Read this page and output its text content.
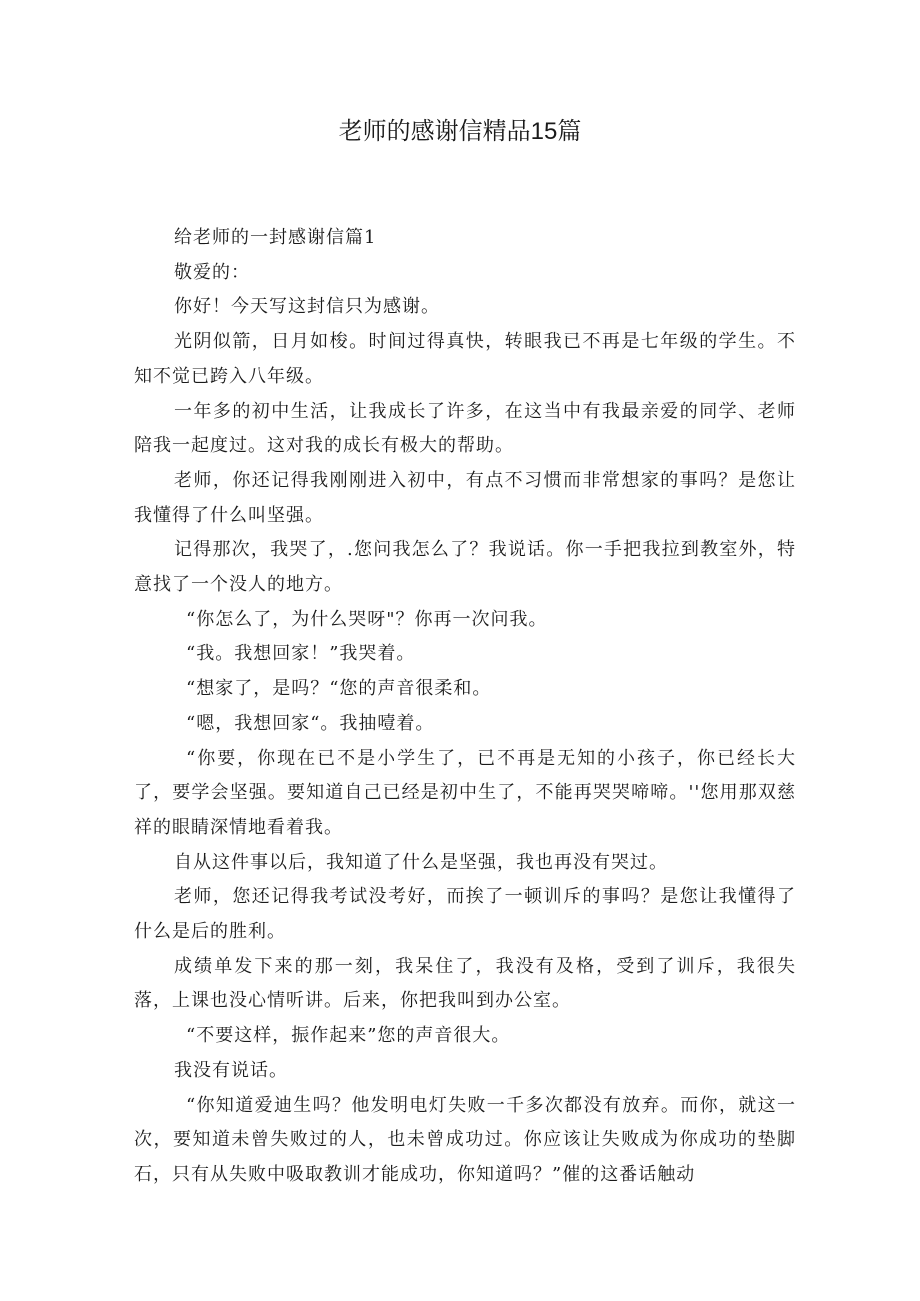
老师的感谢信精品15篇

给老师的一封感谢信篇1

敬爱的：

你好！今天写这封信只为感谢。

光阴似箭，日月如梭。时间过得真快，转眼我已不再是七年级的学生。不知不觉已跨入八年级。

一年多的初中生活，让我成长了许多，在这当中有我最亲爱的同学、老师陪我一起度过。这对我的成长有极大的帮助。

老师，你还记得我刚刚进入初中，有点不习惯而非常想家的事吗？是您让我懂得了什么叫坚强。

记得那次，我哭了，.您问我怎么了？我说话。你一手把我拉到教室外，特意找了一个没人的地方。

“你怎么了，为什么哭呀"？你再一次问我。

“我。我想回家！”我哭着。

“想家了，是吗？“您的声音很柔和。

“嗯，我想回家“。我抽噎着。

“你要，你现在已不是小学生了，已不再是无知的小孩子，你已经长大了，要学会坚强。要知道自己已经是初中生了，不能再哭哭啼啼。''您用那双慈祥的眼睛深情地看着我。

自从这件事以后，我知道了什么是坚强，我也再没有哭过。

老师，您还记得我考试没考好，而挨了一顿训斥的事吗？是您让我懂得了什么是后的胜利。

成绩单发下来的那一刻，我呆住了，我没有及格，受到了训斥，我很失落，上课也没心情听讲。后来，你把我叫到办公室。

“不要这样，振作起来”您的声音很大。

我没有说话。

“你知道爱迪生吗？他发明电灯失败一千多次都没有放弃。而你，就这一次，要知道未曾失败过的人，也未曾成功过。你应该让失败成为你成功的垫脚石，只有从失败中吸取教训才能成功，你知道吗？”催的这番话触动
